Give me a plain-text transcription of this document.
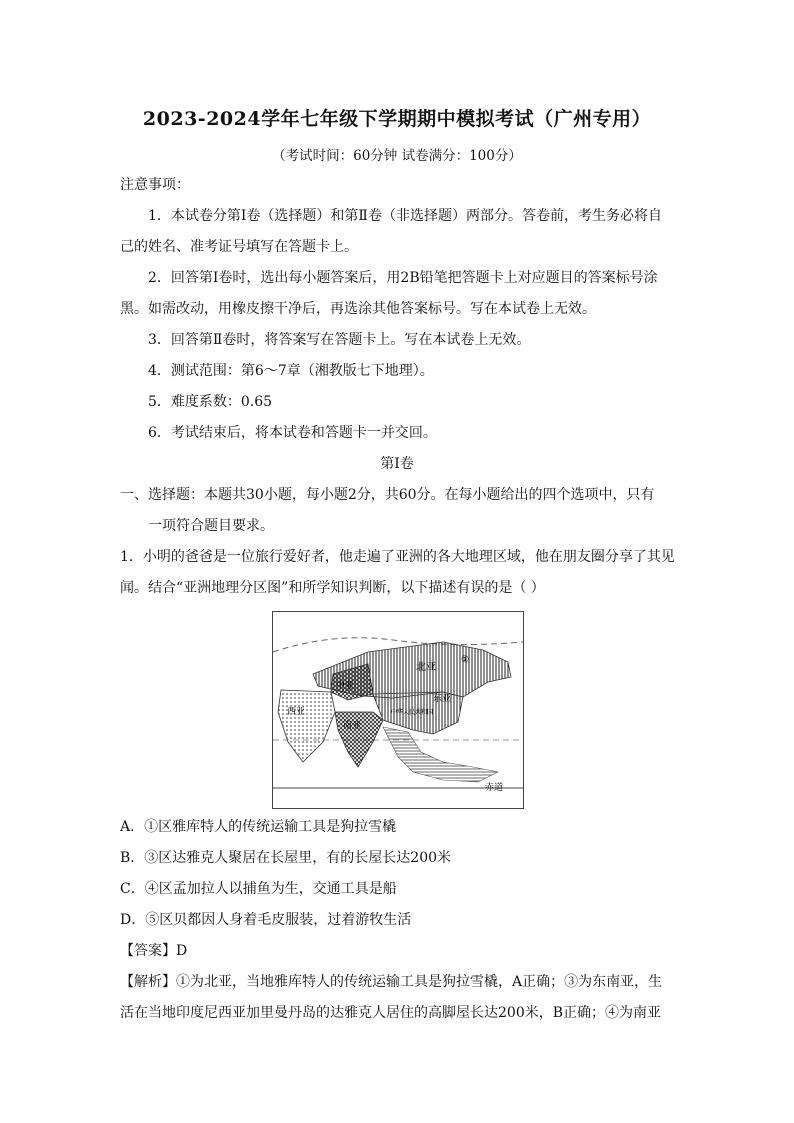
2023-2024学年七年级下学期期中模拟考试（广州专用）
（考试时间：60分钟 试卷满分：100分）
注意事项：
1．本试卷分第Ⅰ卷（选择题）和第Ⅱ卷（非选择题）两部分。答卷前，考生务必将自
己的姓名、准考证号填写在答题卡上。
2．回答第Ⅰ卷时，选出每小题答案后，用2B铅笔把答题卡上对应题目的答案标号涂
黑。如需改动，用橡皮擦干净后，再选涂其他答案标号。写在本试卷上无效。
3．回答第Ⅱ卷时，将答案写在答题卡上。写在本试卷上无效。
4．测试范围：第6～7章（湘教版七下地理）。
5．难度系数：0.65
6．考试结束后，将本试卷和答题卡一并交回。
第Ⅰ卷
一、选择题：本题共30小题，每小题2分，共60分。在每小题给出的四个选项中，只有
一项符合题目要求。
1．小明的爸爸是一位旅行爱好者，他走遍了亚洲的各大地理区域，他在朋友圈分享了其见
闻。结合“亚洲地理分区图”和所学知识判断，以下描述有误的是（ ）
北亚
东亚
中亚
西亚
南亚
中华人民共和国
赤道
①
A．①区雅库特人的传统运输工具是狗拉雪橇
B．③区达雅克人聚居在长屋里，有的长屋长达200米
C．④区孟加拉人以捕鱼为生，交通工具是船
D．⑤区贝都因人身着毛皮服装，过着游牧生活
【答案】D
【解析】①为北亚，当地雅库特人的传统运输工具是狗拉雪橇，A正确；③为东南亚，生
活在当地印度尼西亚加里曼丹岛的达雅克人居住的高脚屋长达200米，B正确；④为南亚
